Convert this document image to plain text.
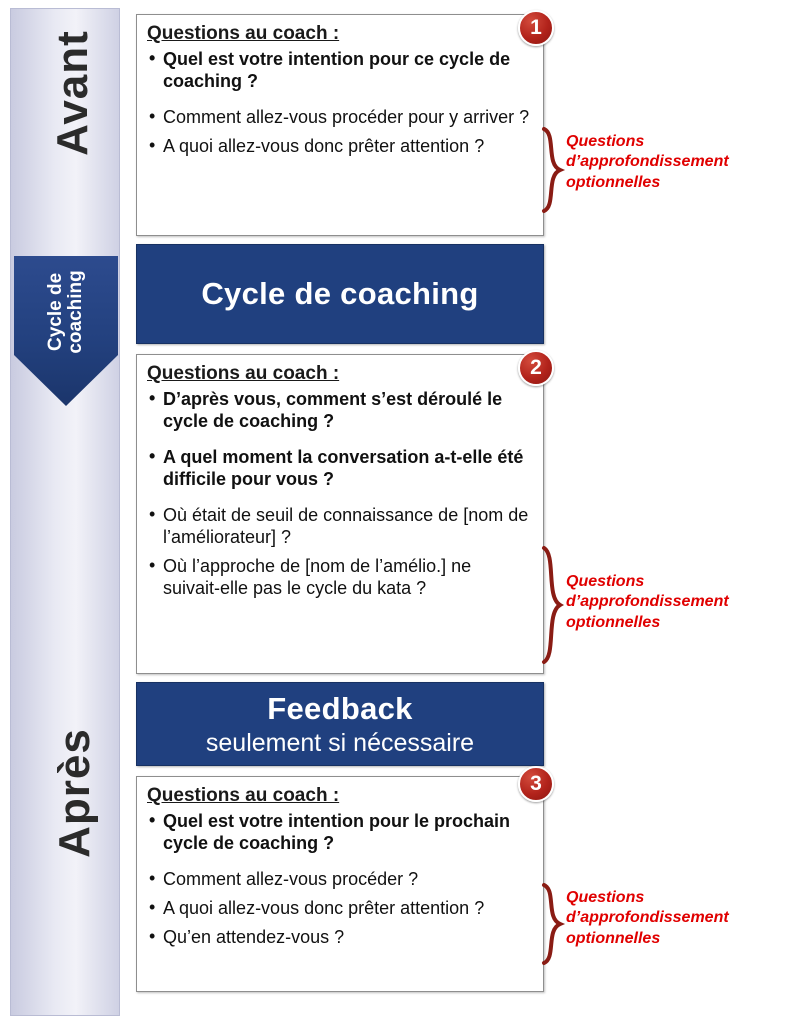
Avant
Cycle de
coaching
Après
Questions au coach :
• Quel est votre intention pour ce cycle de coaching ?
• Comment allez-vous procéder pour y arriver ?
• A quoi allez-vous donc prêter attention ?
1
Questions d’approfondissement optionnelles
Cycle de coaching
Questions au coach :
• D’après vous, comment s’est déroulé le cycle de coaching ?
• A quel moment la conversation a-t-elle été difficile pour vous ?
• Où était de seuil de connaissance de [nom de l’améliorateur] ?
• Où l’approche de [nom de l’amélio.] ne suivait-elle pas le cycle du kata ?
2
Questions d’approfondissement optionnelles
Feedback
seulement si nécessaire
Questions au coach :
• Quel est votre intention pour le prochain cycle de coaching ?
• Comment allez-vous procéder ?
• A quoi allez-vous donc prêter attention ?
• Qu’en attendez-vous ?
3
Questions d’approfondissement optionnelles
